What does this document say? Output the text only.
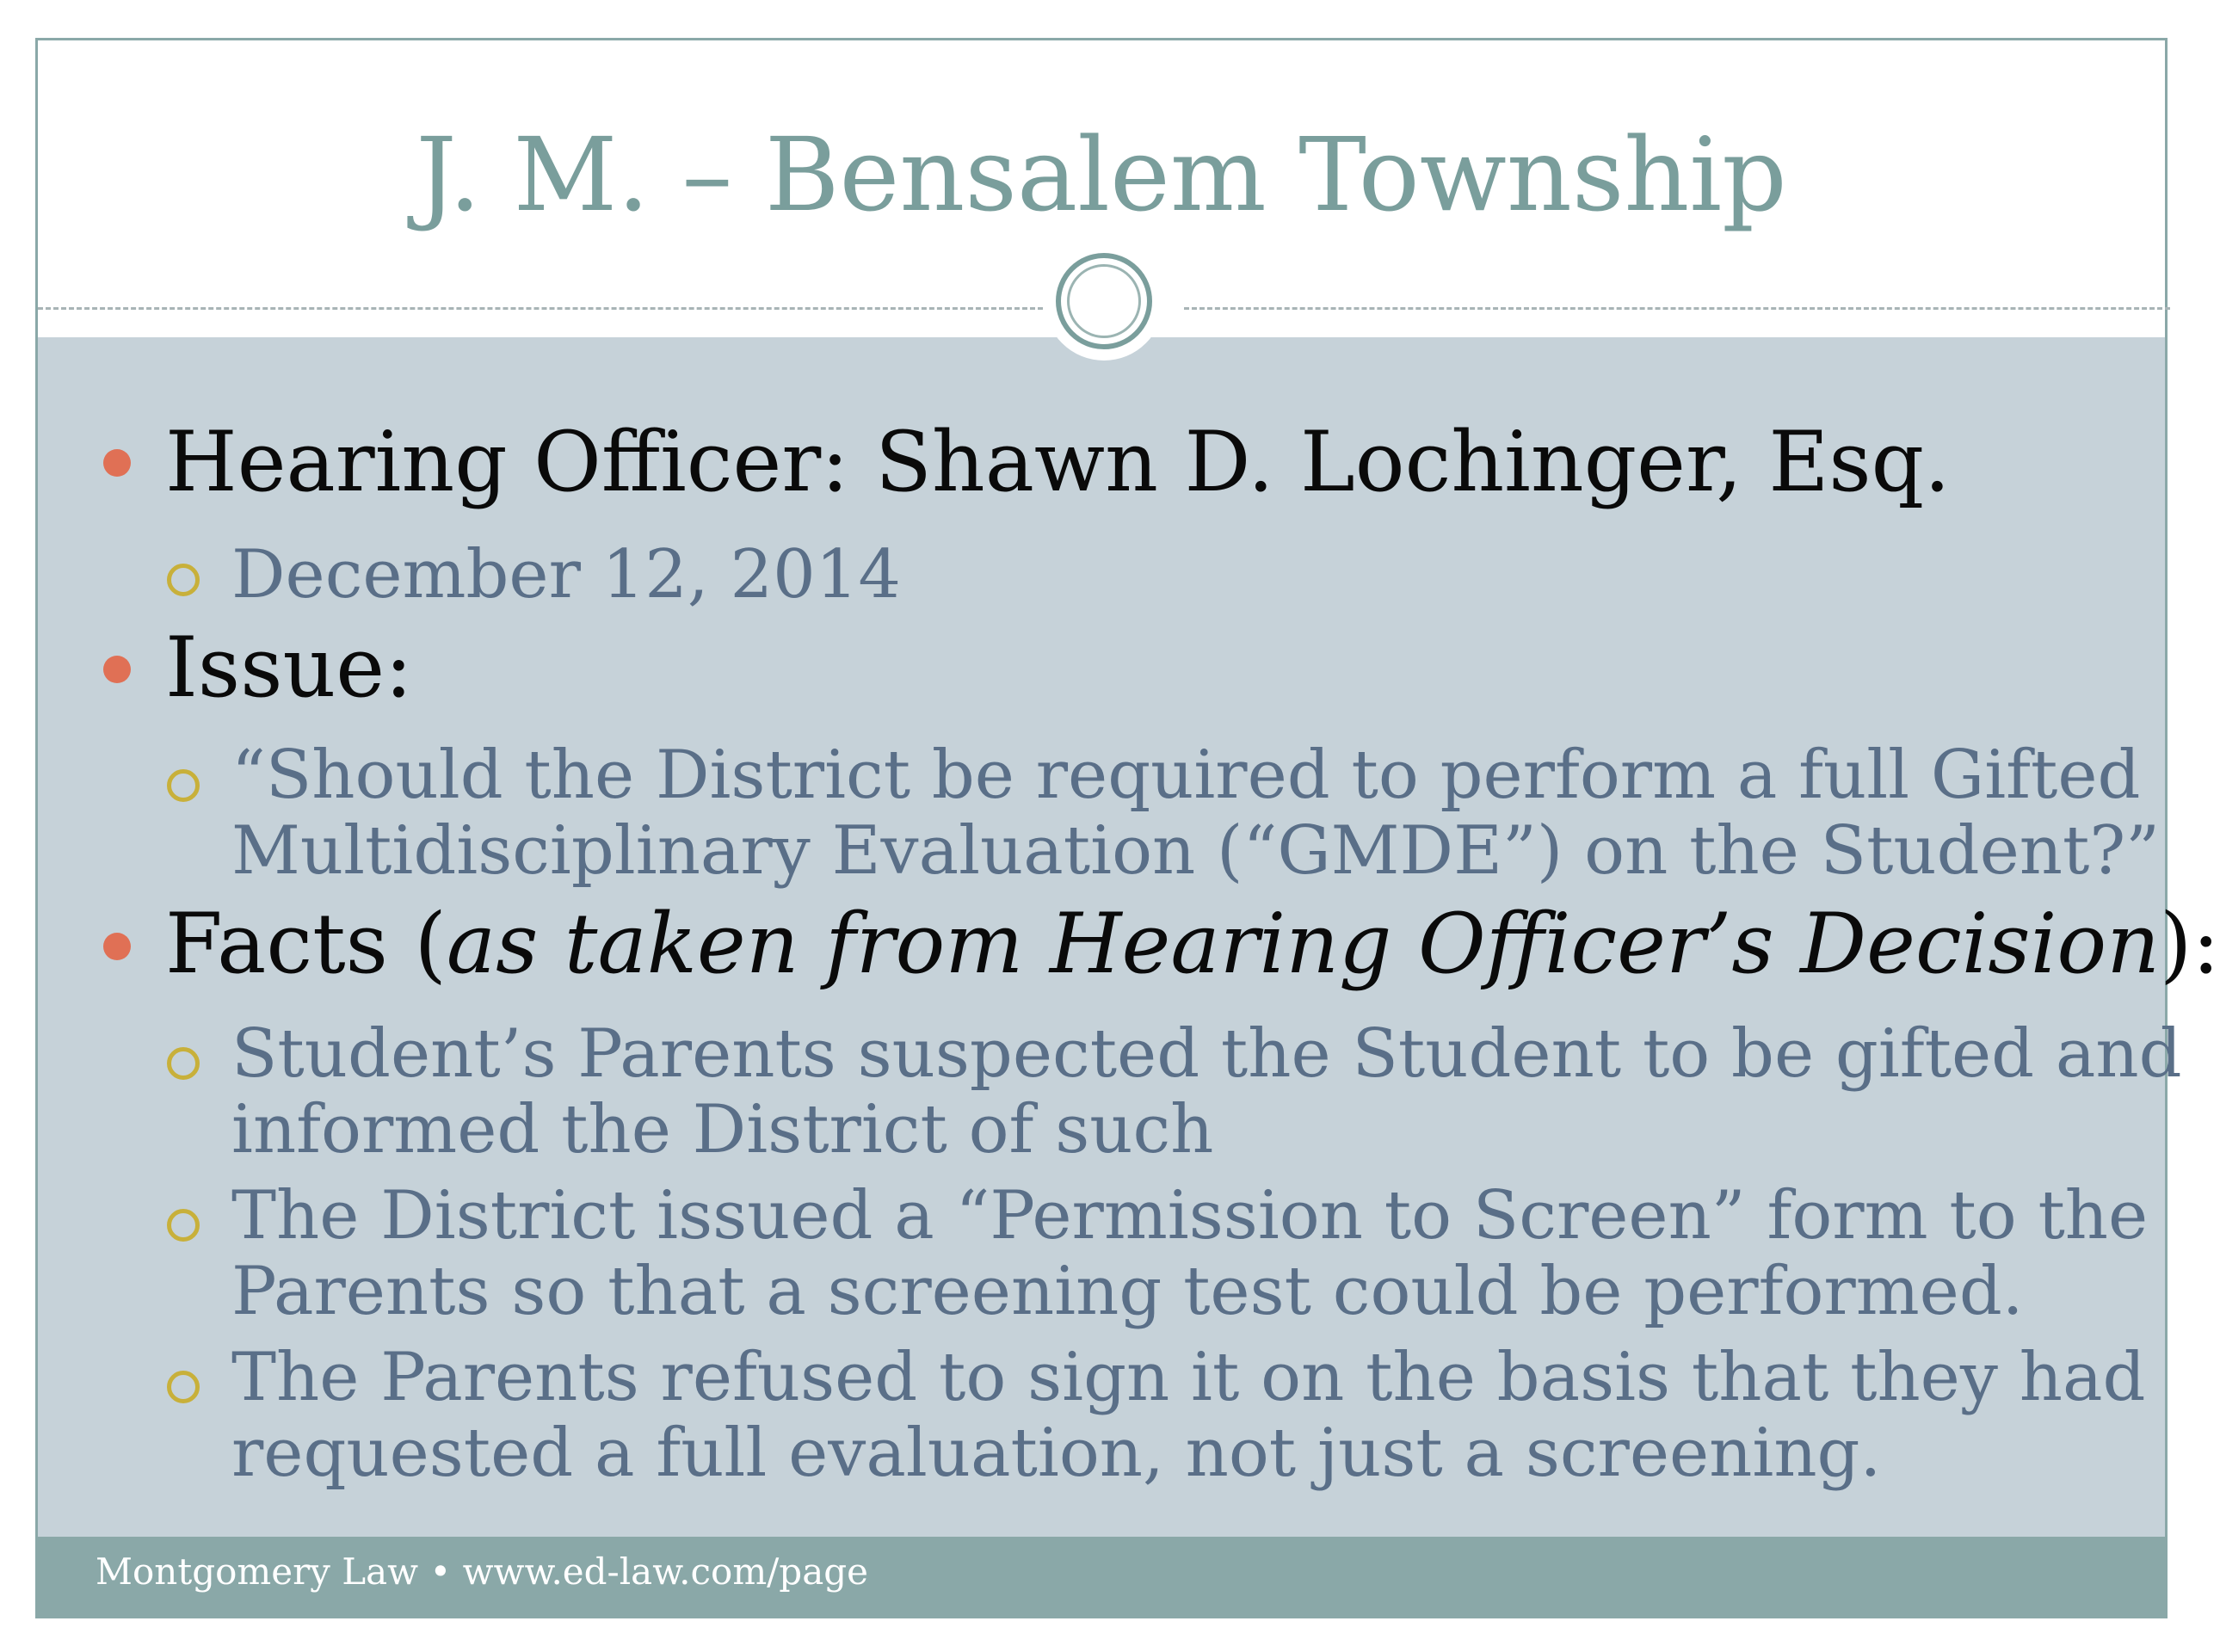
J. M. – Bensalem Township
Hearing Officer: Shawn D. Lochinger, Esq.
December 12, 2014
Issue:
“Should the District be required to perform a full Gifted
Multidisciplinary Evaluation (“GMDE”) on the Student?”
Facts (as taken from Hearing Officer’s Decision):
Student’s Parents suspected the Student to be gifted and
informed the District of such
The District issued a “Permission to Screen” form to the
Parents so that a screening test could be performed.
The Parents refused to sign it on the basis that they had
requested a full evaluation, not just a screening.
Montgomery Law • www.ed-law.com/page
